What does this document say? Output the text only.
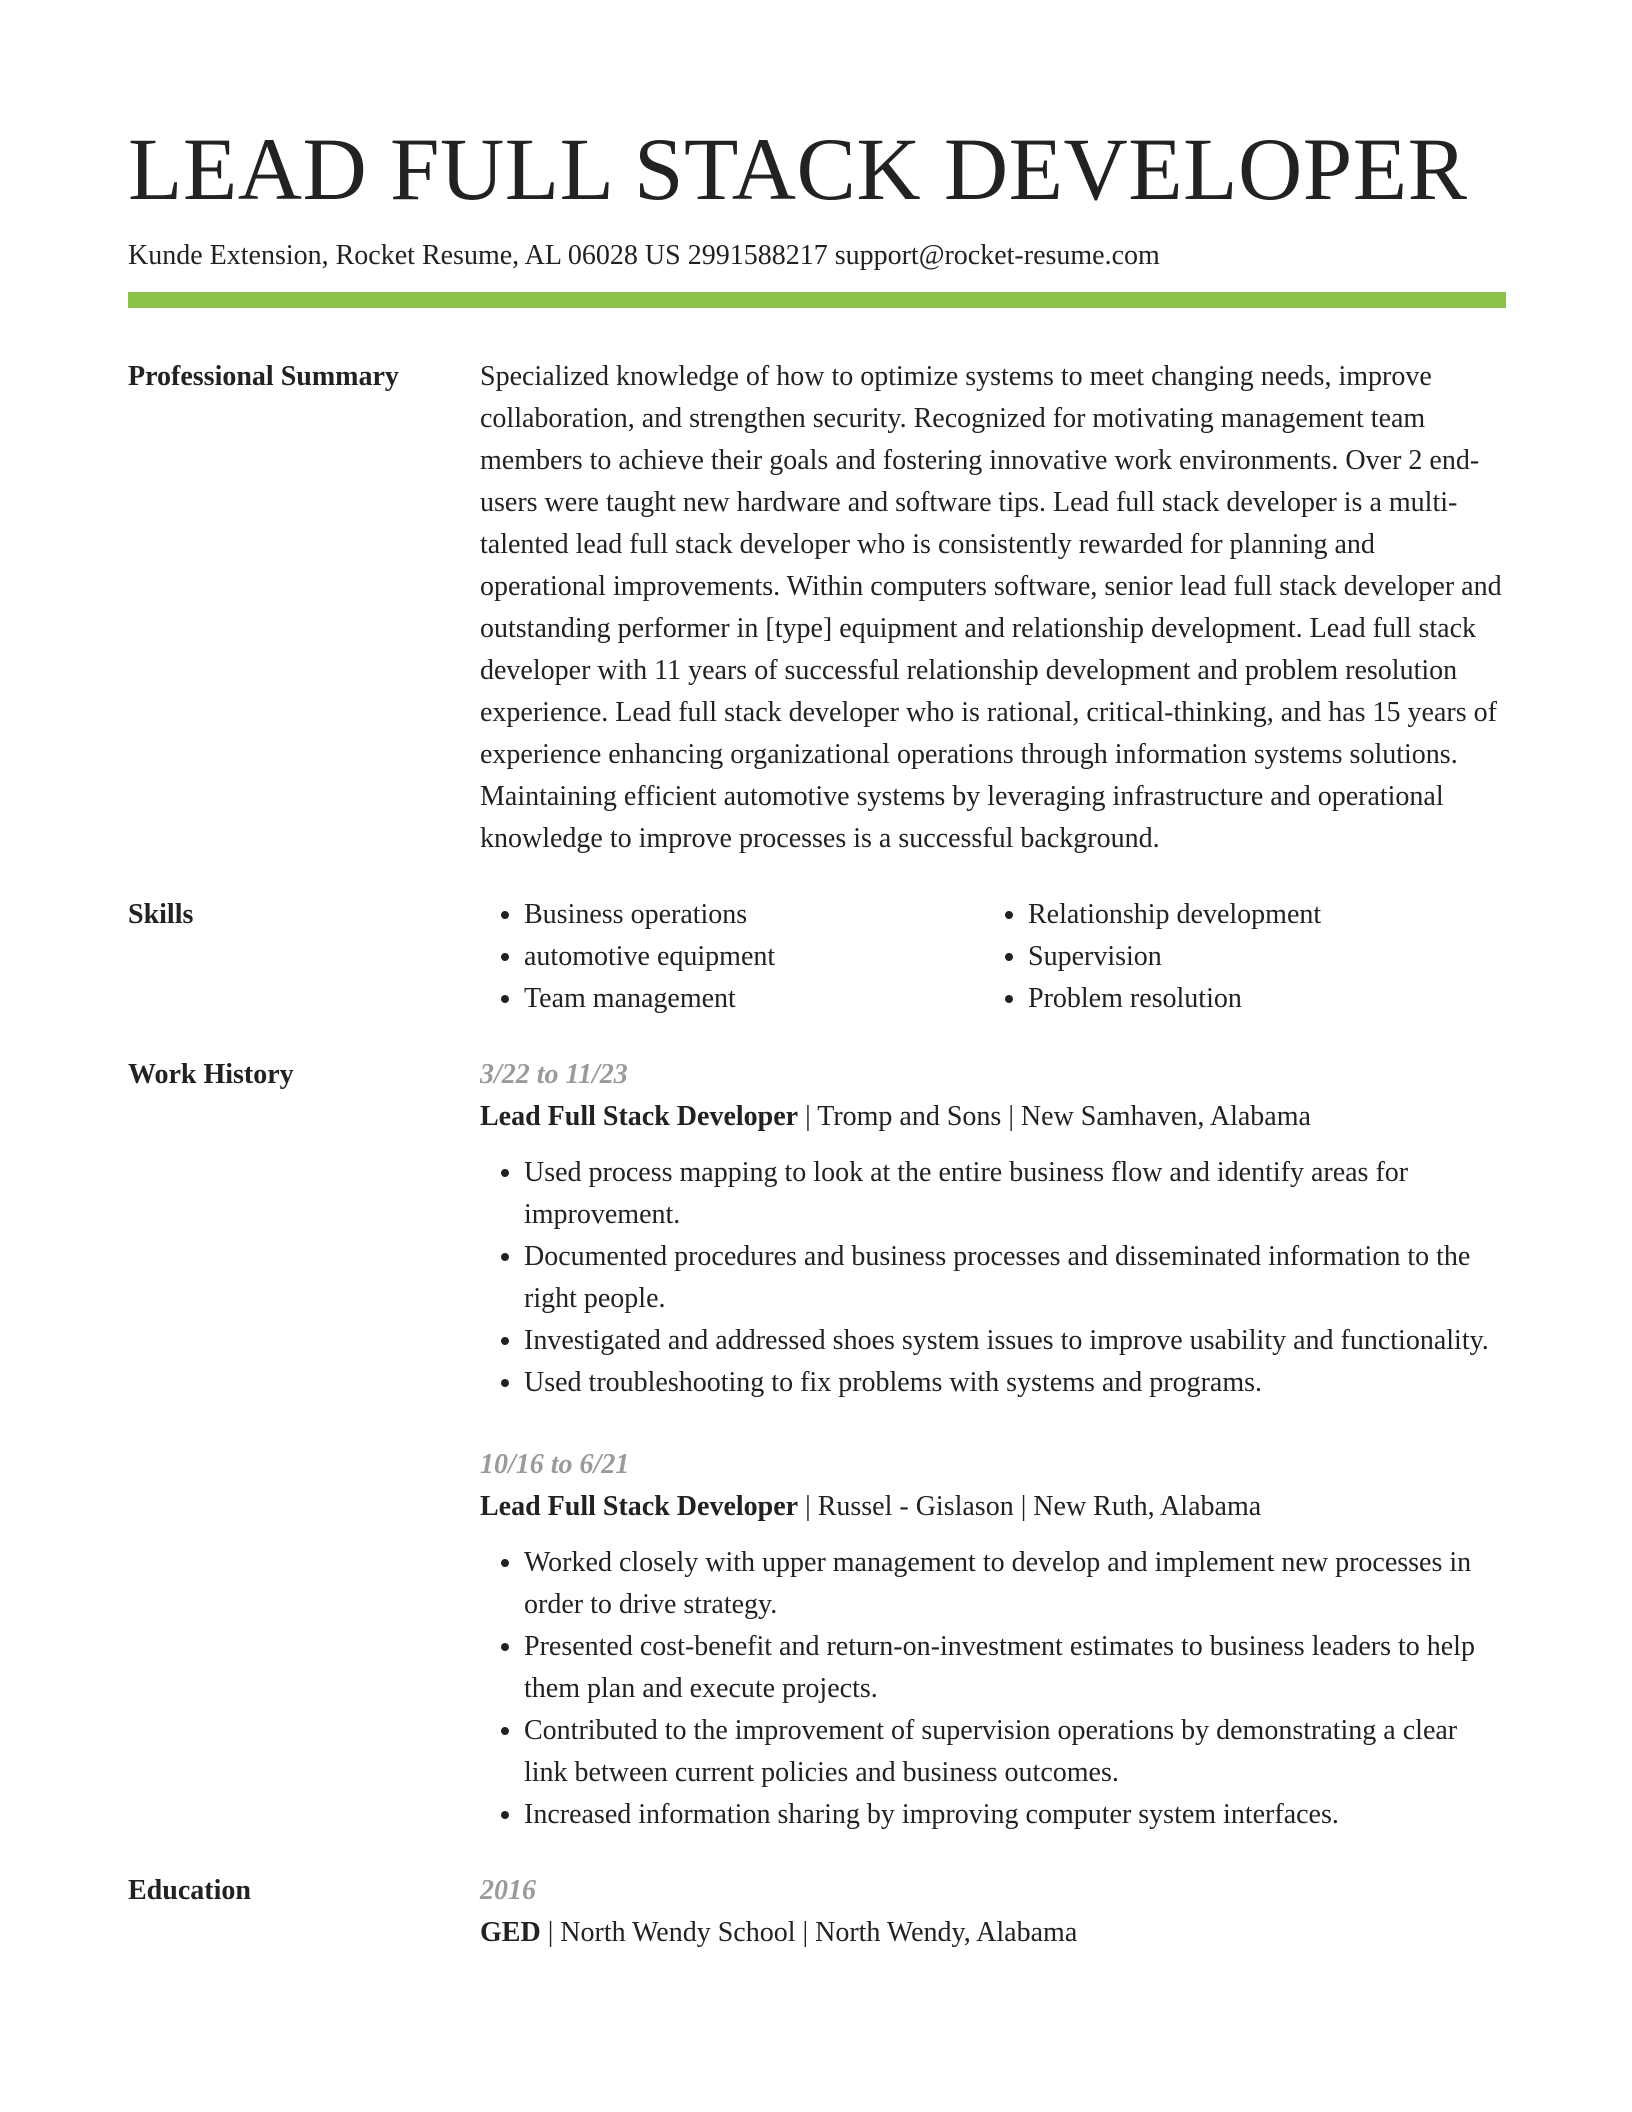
LEAD FULL STACK DEVELOPER
Kunde Extension, Rocket Resume, AL 06028 US 2991588217 support@rocket-resume.com
Professional Summary	Specialized knowledge of how to optimize systems to meet changing needs, improve collaboration, and strengthen security. Recognized for motivating management team members to achieve their goals and fostering innovative work environments. Over 2 end-users were taught new hardware and software tips. Lead full stack developer is a multi-talented lead full stack developer who is consistently rewarded for planning and operational improvements. Within computers software, senior lead full stack developer and outstanding performer in [type] equipment and relationship development. Lead full stack developer with 11 years of successful relationship development and problem resolution experience. Lead full stack developer who is rational, critical-thinking, and has 15 years of experience enhancing organizational operations through information systems solutions. Maintaining efficient automotive systems by leveraging infrastructure and operational knowledge to improve processes is a successful background.
Skills
•	Business operations
• automotive equipment
• Team management
• Relationship development
• Supervision
• Problem resolution
Work History	3/22 to 11/23
Lead Full Stack Developer | Tromp and Sons | New Samhaven, Alabama
• Used process mapping to look at the entire business flow and identify areas for improvement.
• Documented procedures and business processes and disseminated information to the right people.
• Investigated and addressed shoes system issues to improve usability and functionality.
• Used troubleshooting to fix problems with systems and programs.
10/16 to 6/21
Lead Full Stack Developer | Russel - Gislason | New Ruth, Alabama
• Worked closely with upper management to develop and implement new processes in order to drive strategy.
• Presented cost-benefit and return-on-investment estimates to business leaders to help them plan and execute projects.
• Contributed to the improvement of supervision operations by demonstrating a clear link between current policies and business outcomes.
• Increased information sharing by improving computer system interfaces.
Education	2016
GED | North Wendy School | North Wendy, Alabama
